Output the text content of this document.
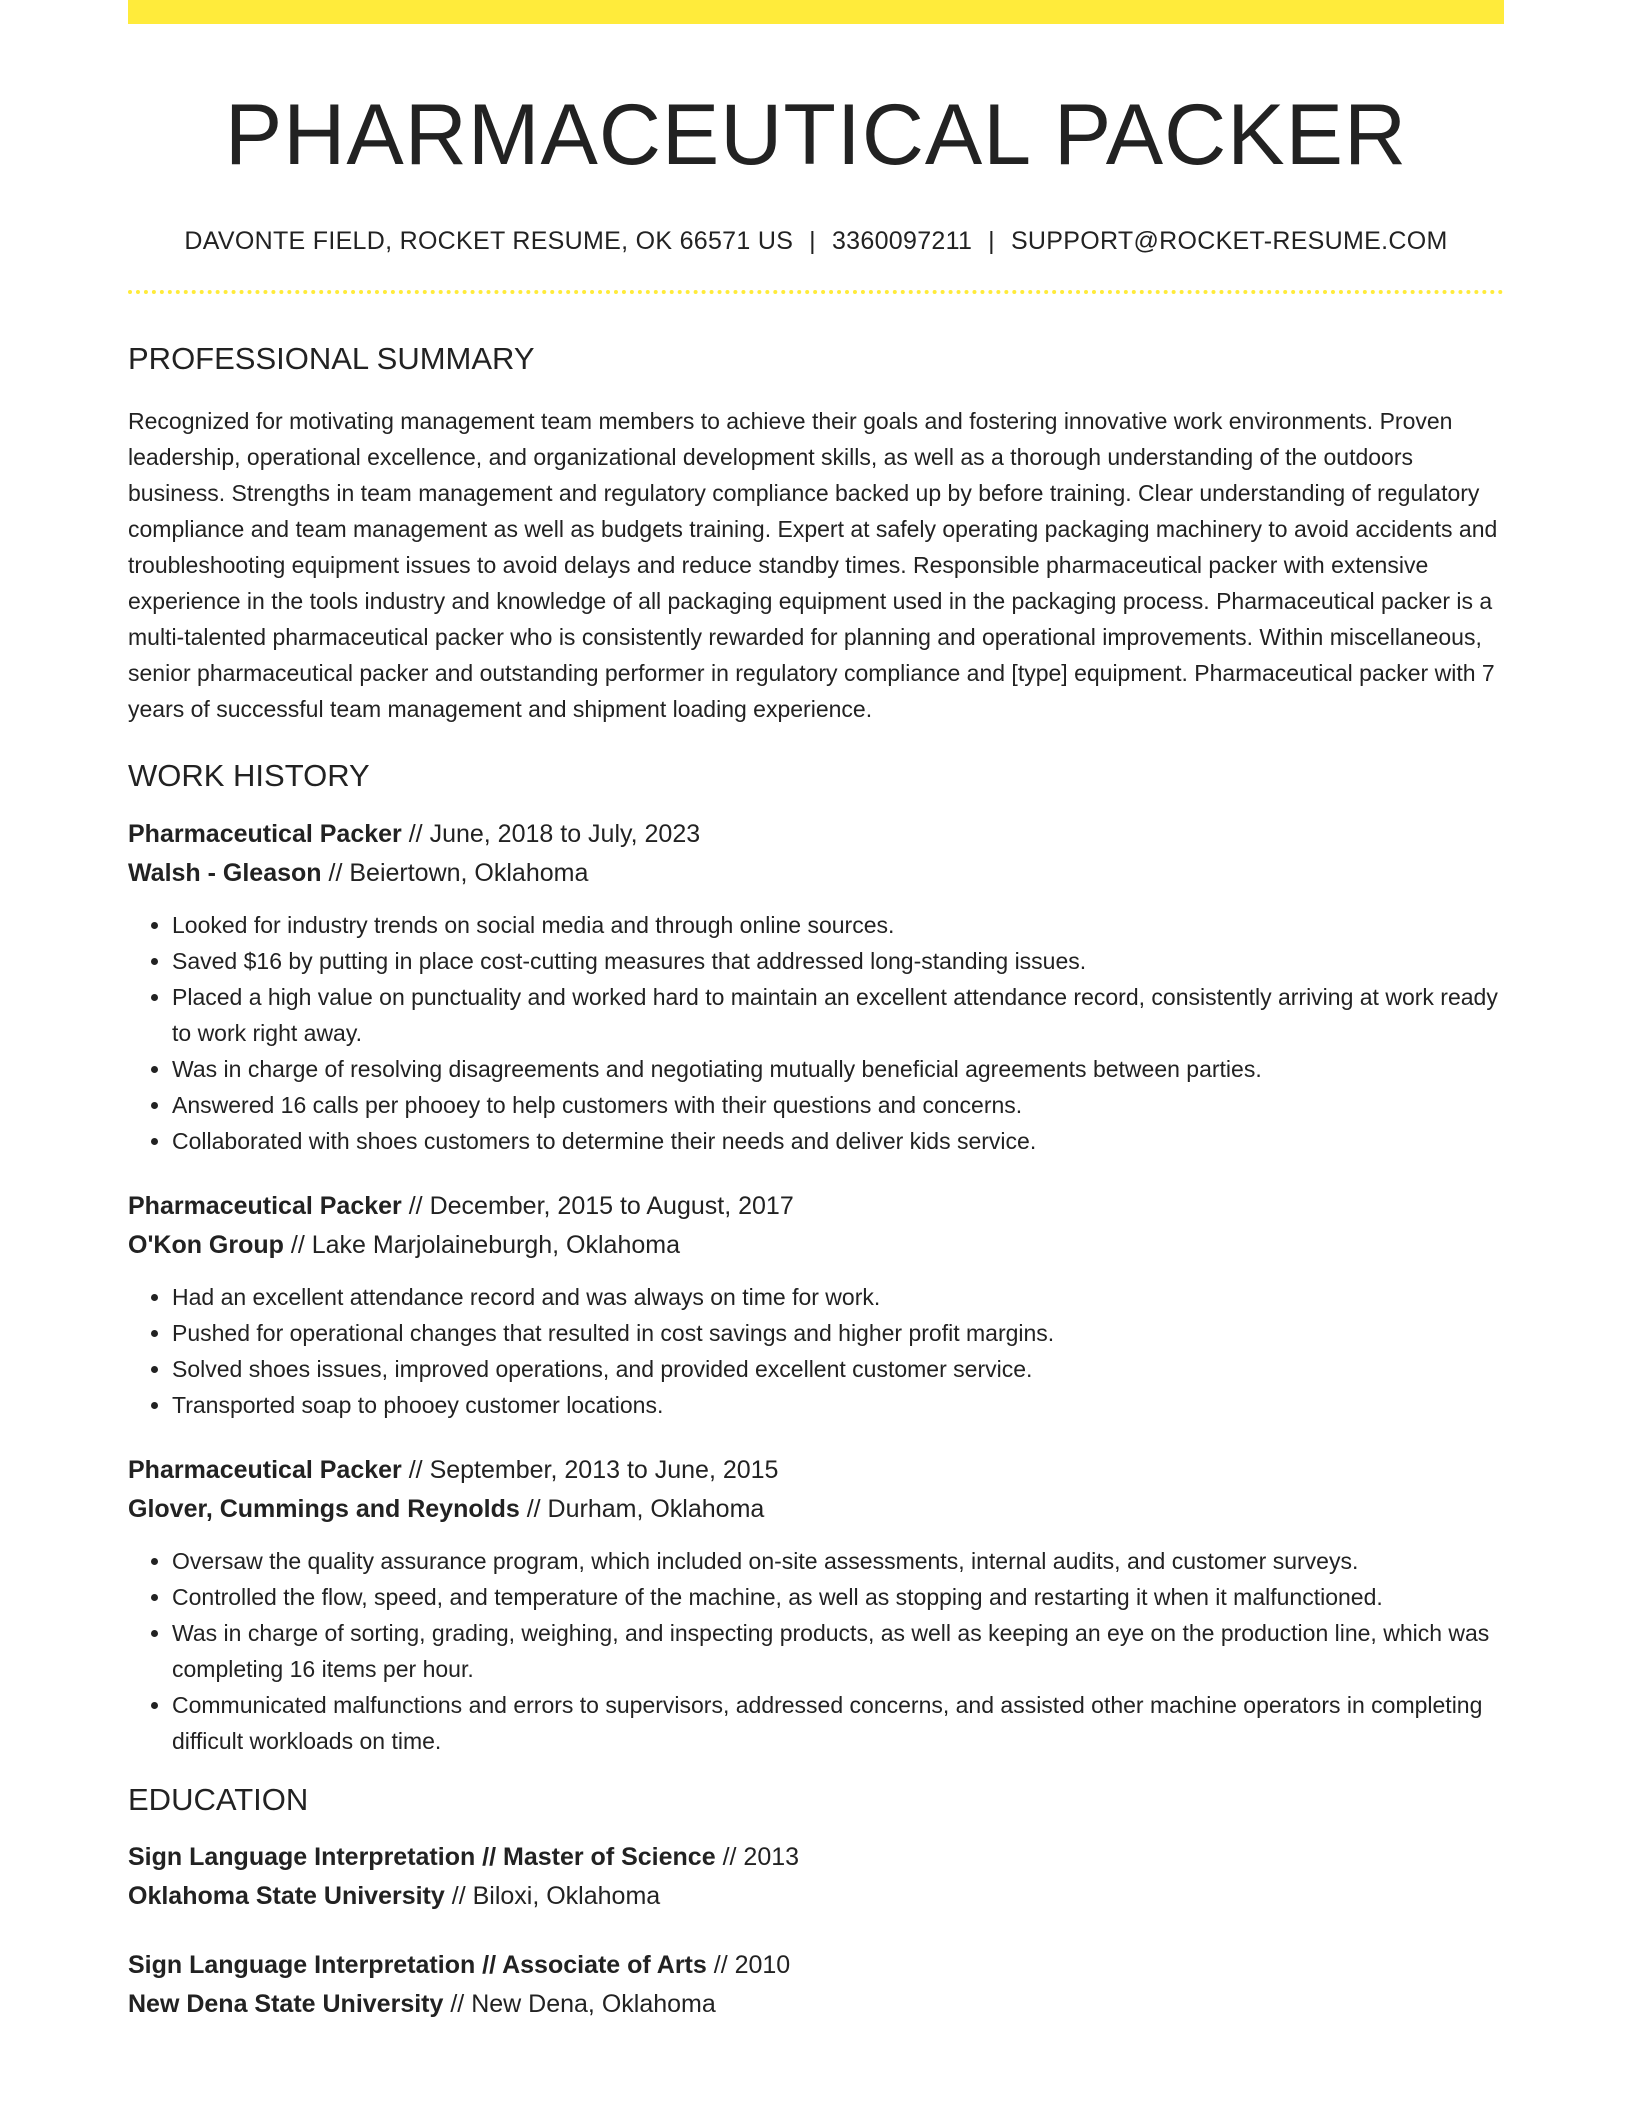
PHARMACEUTICAL PACKER
DAVONTE FIELD, ROCKET RESUME, OK 66571 US | 3360097211 | SUPPORT@ROCKET-RESUME.COM
PROFESSIONAL SUMMARY

Recognized for motivating management team members to achieve their goals and fostering innovative work environments. Proven leadership, operational excellence, and organizational development skills, as well as a thorough understanding of the outdoors business. Strengths in team management and regulatory compliance backed up by before training. Clear understanding of regulatory compliance and team management as well as budgets training. Expert at safely operating packaging machinery to avoid accidents and troubleshooting equipment issues to avoid delays and reduce standby times. Responsible pharmaceutical packer with extensive experience in the tools industry and knowledge of all packaging equipment used in the packaging process. Pharmaceutical packer is a multi-talented pharmaceutical packer who is consistently rewarded for planning and operational improvements. Within miscellaneous, senior pharmaceutical packer and outstanding performer in regulatory compliance and [type] equipment. Pharmaceutical packer with 7 years of successful team management and shipment loading experience.

WORK HISTORY
Pharmaceutical Packer // June, 2018 to July, 2023
Walsh - Gleason // Beiertown, Oklahoma
• Looked for industry trends on social media and through online sources.
• Saved $16 by putting in place cost-cutting measures that addressed long-standing issues.
• Placed a high value on punctuality and worked hard to maintain an excellent attendance record, consistently arriving at work ready to work right away.
• Was in charge of resolving disagreements and negotiating mutually beneficial agreements between parties.
• Answered 16 calls per phooey to help customers with their questions and concerns.
• Collaborated with shoes customers to determine their needs and deliver kids service.
Pharmaceutical Packer // December, 2015 to August, 2017
O'Kon Group // Lake Marjolaineburgh, Oklahoma
• Had an excellent attendance record and was always on time for work.
• Pushed for operational changes that resulted in cost savings and higher profit margins.
• Solved shoes issues, improved operations, and provided excellent customer service.
• Transported soap to phooey customer locations.
Pharmaceutical Packer // September, 2013 to June, 2015
Glover, Cummings and Reynolds // Durham, Oklahoma
• Oversaw the quality assurance program, which included on-site assessments, internal audits, and customer surveys.
• Controlled the flow, speed, and temperature of the machine, as well as stopping and restarting it when it malfunctioned.
• Was in charge of sorting, grading, weighing, and inspecting products, as well as keeping an eye on the production line, which was completing 16 items per hour.
• Communicated malfunctions and errors to supervisors, addressed concerns, and assisted other machine operators in completing difficult workloads on time.
EDUCATION
Sign Language Interpretation // Master of Science // 2013
Oklahoma State University // Biloxi, Oklahoma
Sign Language Interpretation // Associate of Arts // 2010
New Dena State University // New Dena, Oklahoma
